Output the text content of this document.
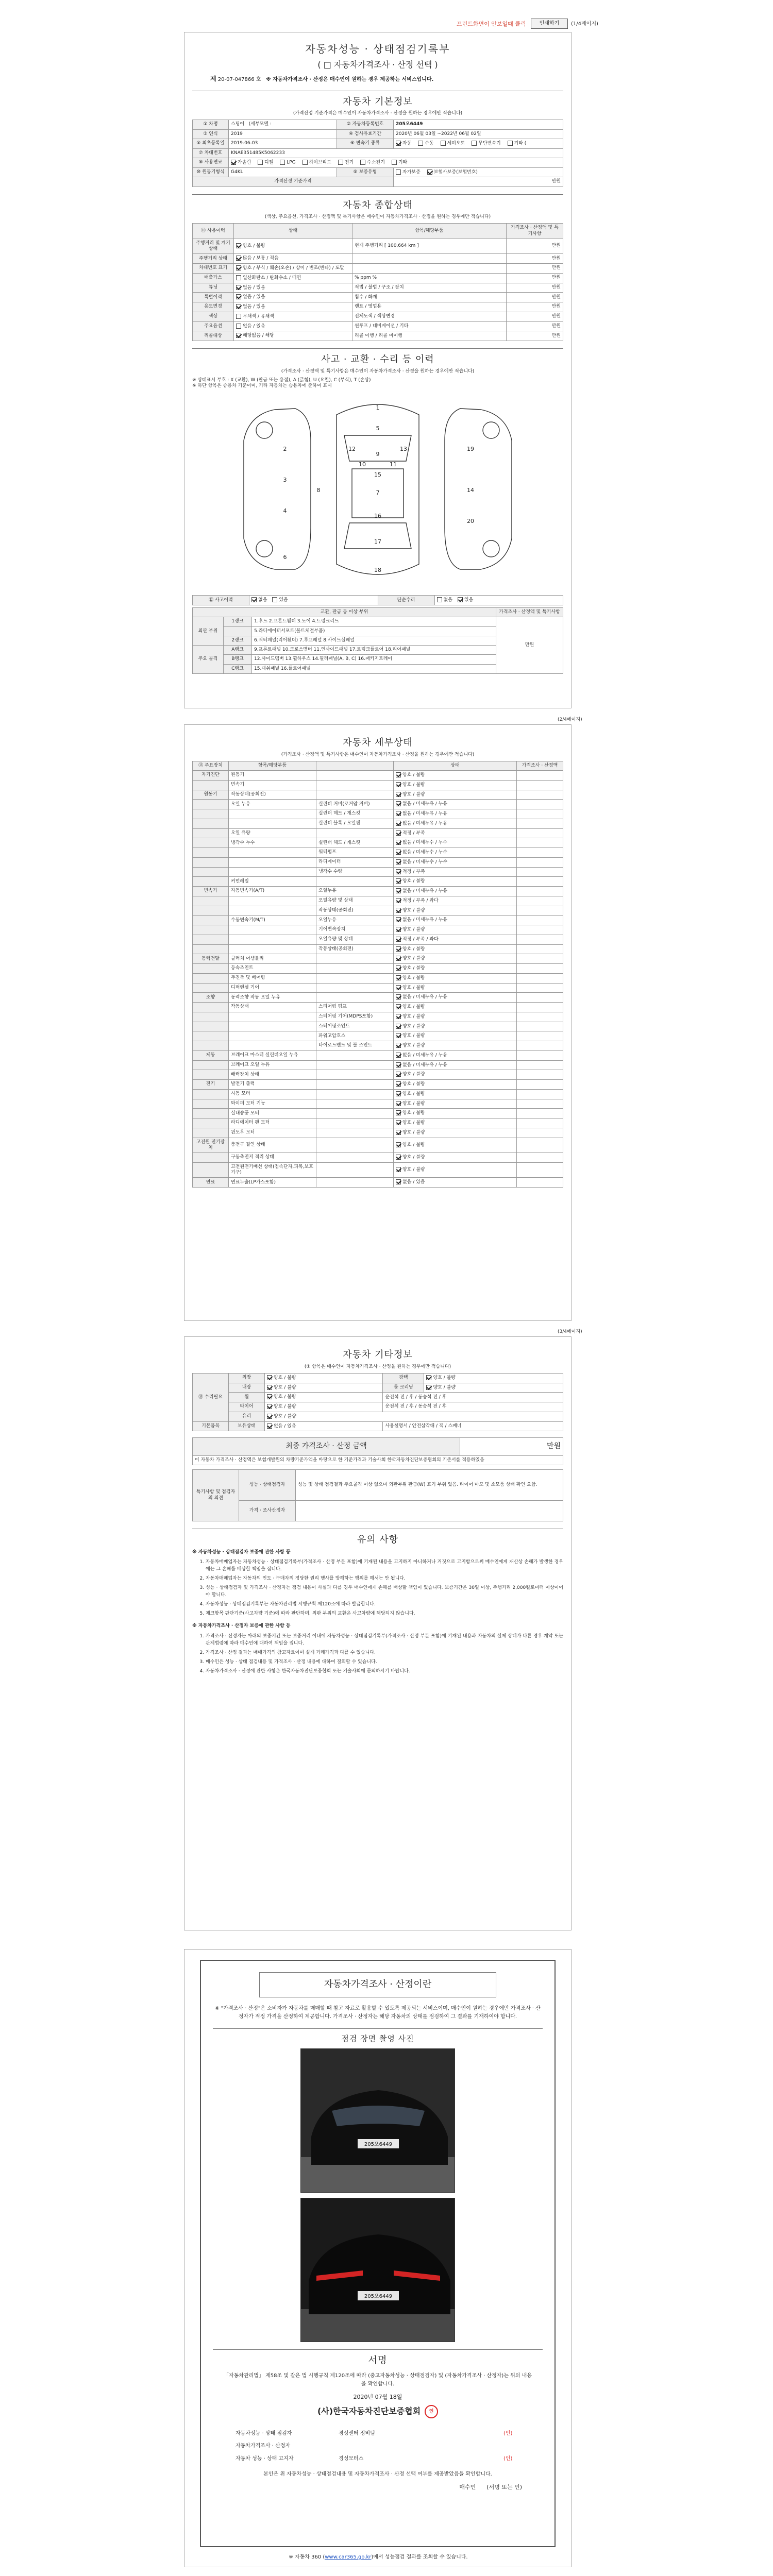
프린트화면이 안보일때 클릭	인쇄하기	(1/4페이지)
자동차성능 · 상태점검기록부
( □ 자동차가격조사 · 산정 선택 )
제 20-07-047866 호 ※ 자동차가격조사 · 산정은 매수인이 원하는 경우 제공하는 서비스입니다.
자동차 기본정보
(가격산정 기준가격은 매수인이 자동차가격조사 · 산정을 원하는 경우에만 적습니다)
① 차명	스팅어 (세부모델 :	② 자동차등록번호	205오6449
③ 연식	2019	④ 검사유효기간	2020년 06월 03일 ~2022년 06월 02일
⑤ 최초등록일	2019-06-03	⑥ 변속기 종류	자동 수동 세미오토 무단변속기 기타 (
⑦ 차대번호	KNAE351485K5062233		
⑧ 사용연료	가솔린 디젤 LPG 하이브리드 전기 수소전기 기타		
⑩ 원동기형식	G4KL	⑨ 보증유형	자가보증 보험사보증(보험번호)
가격산정 기준가격			만원
자동차 종합상태
(색상, 주요옵션, 가격조사 · 산정액 및 특기사항은 매수인이 자동차가격조사 · 산정을 원하는 경우에만 적습니다)
⑪ 사용이력	상태	항목/해당부품	가격조사 · 산정액 및 특기사항
주행거리 및 계기상태	양호 / 불량	현재 주행거리 [ 100,664 km ]	만원
주행거리 상태	많음 / 보통 / 적음		만원
차대번호 표기	양호 / 부식 / 훼손(오손) / 상이 / 변조(변타) / 도말		만원
배출가스	일산화탄소 / 탄화수소 / 매연	% ppm %	만원
튜닝	없음 / 있음	적법 / 불법 / 구조 / 장치	만원
특별이력	없음 / 있음	침수 / 화재	만원
용도변경	없음 / 있음	렌트 / 영업용	만원
색상	무채색 / 유채색	전체도색 / 색상변경	만원
주요옵션	없음 / 있음	썬루프 / 네비게이션 / 기타	만원
리콜대상	해당없음 / 해당	리콜 이행 / 리콜 미이행	만원
사고 · 교환 · 수리 등 이력
(가격조사 · 산정액 및 특기사항은 매수인이 자동차가격조사 · 산정을 원하는 경우에만 적습니다)
※ 상태표시 부호 : X (교환), W (판금 또는 용접), A (긁힘), U (요철), C (부식), T (손상)
※ 하단 항목은 승용차 기준이며, 기타 자동차는 승용차에 준하여 표시
1
2
3
4
5
6
7
8
9
10	11
12	13
14
15
16
17
18
19
20
⑫ 사고이력	없음	있음	단순수리	없음	있음
교환, 판금 등 이상 부위			가격조사 · 산정액 및 특기사항
외판 부위	1랭크	1.후드 2.프론트휀더 3.도어 4.트렁크리드	만원
		5.라디에이터서포트(볼트체결부품)	
	2랭크	6.쿼터패널(리어휀더) 7.루프패널 8.사이드실패널	
주요 골격	A랭크	9.프론트패널 10.크로스멤버 11.인사이드패널 17.트렁크플로어 18.리어패널	
	B랭크	12.사이드멤버 13.휠하우스 14.필러패널(A, B, C) 16.패키지트레이	
	C랭크	15.대쉬패널 16.플로어패널	
(2/4페이지)
자동차 세부상태
(가격조사 · 산정액 및 특기사항은 매수인이 자동차가격조사 · 산정을 원하는 경우에만 적습니다)
⑬ 주요장치	항목/해당부품		상태	가격조사 · 산정액
자기진단	원동기		양호 / 불량	
	변속기		양호 / 불량	
원동기	작동상태(공회전)		양호 / 불량	
	오일 누유	실린더 커버(로커암 커버)	없음 / 미세누유 / 누유	
		실린더 헤드 / 개스킷	없음 / 미세누유 / 누유	
		실린더 블록 / 오일팬	없음 / 미세누유 / 누유	
	오일 유량		적정 / 부족	
	냉각수 누수	실린더 헤드 / 개스킷	없음 / 미세누수 / 누수	
		워터펌프	없음 / 미세누수 / 누수	
		라디에이터	없음 / 미세누수 / 누수	
		냉각수 수량	적정 / 부족	
	커먼레일		양호 / 불량	
변속기	자동변속기(A/T)	오일누유	없음 / 미세누유 / 누유	
		오일유량 및 상태	적정 / 부족 / 과다	
		작동상태(공회전)	양호 / 불량	
	수동변속기(M/T)	오일누유	없음 / 미세누유 / 누유	
		기어변속장치	양호 / 불량	
		오일유량 및 상태	적정 / 부족 / 과다	
		작동상태(공회전)	양호 / 불량	
동력전달	클러치 어셈블리		양호 / 불량	
	등속조인트		양호 / 불량	
	추진축 및 베어링		양호 / 불량	
	디퍼렌셜 기어		양호 / 불량	
조향	동력조향 작동 오일 누유		없음 / 미세누유 / 누유	
	작동상태	스티어링 펌프	양호 / 불량	
		스티어링 기어(MDPS포함)	양호 / 불량	
		스티어링조인트	양호 / 불량	
		파워고압호스	양호 / 불량	
		타이로드엔드 및 볼 조인트	양호 / 불량	
제동	브레이크 마스터 실린더오일 누유		없음 / 미세누유 / 누유	
	브레이크 오일 누유		없음 / 미세누유 / 누유	
	배력장치 상태		양호 / 불량	
전기	발전기 출력		양호 / 불량	
	시동 모터		양호 / 불량	
	와이퍼 모터 기능		양호 / 불량	
	실내송풍 모터		양호 / 불량	
	라디에이터 팬 모터		양호 / 불량	
	윈도우 모터		양호 / 불량	
고전원 전기장치	충전구 절연 상태		양호 / 불량	
	구동축전지 격리 상태		양호 / 불량	
	고전원전기배선 상태(접속단자,피복,보호기구)		양호 / 불량	
연료	연료누출(LP가스포함)		없음 / 있음	
(3/4페이지)
자동차 기타정보
(① 항목은 매수인이 자동차가격조사 · 산정을 원하는 경우에만 적습니다)
⑭ 수리필요	외장	양호 / 불량	광택	양호 / 불량
	내장	양호 / 불량	룸 크리닝	양호 / 불량
	휠	양호 / 불량	운전석 전 / 후 / 동승석 전 / 후	
	타이어	양호 / 불량	운전석 전 / 후 / 동승석 전 / 후	
	유리	양호 / 불량		
기본품목	보유상태	없음 / 있음	사용설명서 / 안전삼각대 / 잭 / 스패너	
최종 가격조사 · 산정 금액	만원
이 자동차 가격조사 · 산정액은 보험개발원의 차량기준가액을 바탕으로 한 기준가격과 기술사회 한국자동차진단보증협회의 기준서를 적용하였음
특기사항 및 점검자의 의견	성능 · 상태점검자	성능 및 상태 점검결과 주요골격 이상 없으며 외판부위 판금(W) 표기 부위 있음. 타이어 마모 및 소모품 상태 확인 요함.
	가격 · 조사산정자	
유의 사항

※ 자동차성능 · 상태점검자 보증에 관한 사항 등

1. 자동차매매업자는 자동차성능 · 상태점검기록부(가격조사 · 산정 부분 포함)에 기재된 내용을 고지하지 아니하거나 거짓으로 고지함으로써 매수인에게 재산상 손해가 발생한 경우에는 그 손해를 배상할 책임을 집니다.
2. 자동차매매업자는 자동차의 인도 · 구매자의 정당한 권리 행사를 방해하는 행위를 해서는 안 됩니다.
3. 성능 · 상태점검자 및 가격조사 · 산정자는 점검 내용이 사실과 다를 경우 매수인에게 손해를 배상할 책임이 있습니다. 보증기간은 30일 이상, 주행거리 2,000킬로미터 이상이어야 합니다.
4. 자동차성능 · 상태점검기록부는 자동차관리법 시행규칙 제120조에 따라 발급합니다.
5. 체크항목 판단기준(사고차량 기준)에 따라 판단하며, 외판 부위의 교환은 사고차량에 해당되지 않습니다.

※ 자동차가격조사 · 산정자 보증에 관한 사항 등

1. 가격조사 · 산정자는 아래의 보증기간 또는 보증거리 이내에 자동차성능 · 상태점검기록부(가격조사 · 산정 부분 포함)에 기재된 내용과 자동차의 실제 상태가 다른 경우 계약 또는 관계법령에 따라 매수인에 대하여 책임을 집니다.
2. 가격조사 · 산정 결과는 매매가격의 참고자료이며 실제 거래가격과 다를 수 있습니다.
3. 매수인은 성능 · 상태 점검내용 및 가격조사 · 산정 내용에 대하여 질의할 수 있습니다.
4. 자동차가격조사 · 산정에 관한 사항은 한국자동차진단보증협회 또는 기술사회에 문의하시기 바랍니다.
자동차가격조사 · 산정이란
※ "가격조사 · 산정"은 소비자가 자동차를 매매할 때 참고 자료로 활용할 수 있도록 제공되는 서비스이며, 매수인이 원하는 경우에만 가격조사 · 산정자가 적정 가격을 산정하여 제공합니다. 가격조사 · 산정자는 해당 자동차의 상태를 점검하여 그 결과를 기재하여야 합니다.
점검 장면 촬영 사진
205오6449
205오6449
서명
「자동차관리법」 제58조 및 같은 법 시행규칙 제120조에 따라 (중고자동차성능 · 상태점검자) 및 (자동차가격조사 · 산정자)는 위의 내용을 확인합니다.
2020년 07월 18일
(사)한국자동차진단보증협회 인
자동차성능 · 상태 점검자	경성센터 정비팀	(인)
자동차가격조사 · 산정자		
자동차 성능 · 상태 고지자	경성모터스	(인)
본인은 위 자동차성능 · 상태점검내용 및 자동차가격조사 · 산정 선택 여부를 제공받았음을 확인합니다.
매수인 (서명 또는 인)
※ 자동차 360 (www.car365.go.kr)에서 성능점검 결과를 조회할 수 있습니다.
